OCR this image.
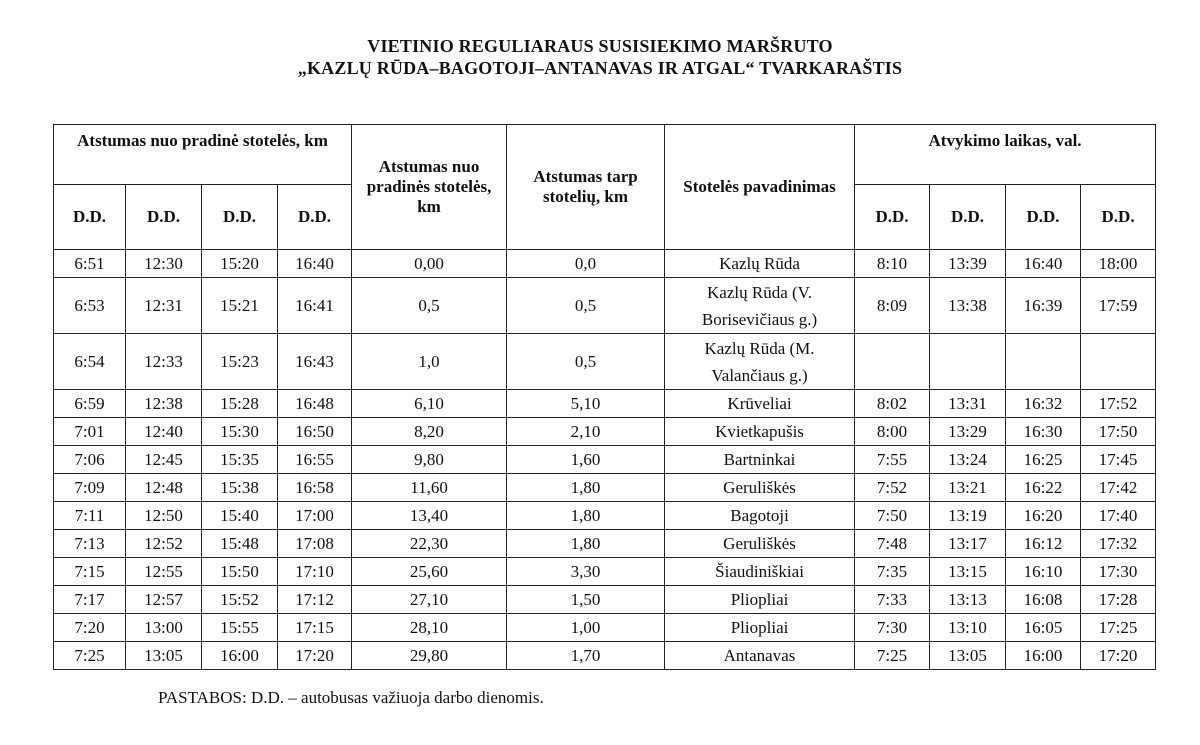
VIETINIO REGULIARAUS SUSISIEKIMO MARŠRUTO
„KAZLŲ RŪDA–BAGOTOJI–ANTANAVAS IR ATGAL“ TVARKARAŠTIS
Atstumas nuo pradinė stotelės, km				Atstumas nuo pradinės stotelės, km	Atstumas tarp stotelių, km	Stotelės pavadinimas	Atvykimo laikas, val.			
D.D.	D.D.	D.D.	D.D.				D.D.	D.D.	D.D.	D.D.
6:51	12:30	15:20	16:40	0,00	0,0	Kazlų Rūda	8:10	13:39	16:40	18:00
6:53	12:31	15:21	16:41	0,5	0,5	Kazlų Rūda (V. Borisevičiaus g.)	8:09	13:38	16:39	17:59
6:54	12:33	15:23	16:43	1,0	0,5	Kazlų Rūda (M. Valančiaus g.)				
6:59	12:38	15:28	16:48	6,10	5,10	Krūveliai	8:02	13:31	16:32	17:52
7:01	12:40	15:30	16:50	8,20	2,10	Kvietkapušis	8:00	13:29	16:30	17:50
7:06	12:45	15:35	16:55	9,80	1,60	Bartninkai	7:55	13:24	16:25	17:45
7:09	12:48	15:38	16:58	11,60	1,80	Geruliškės	7:52	13:21	16:22	17:42
7:11	12:50	15:40	17:00	13,40	1,80	Bagotoji	7:50	13:19	16:20	17:40
7:13	12:52	15:48	17:08	22,30	1,80	Geruliškės	7:48	13:17	16:12	17:32
7:15	12:55	15:50	17:10	25,60	3,30	Šiaudiniškiai	7:35	13:15	16:10	17:30
7:17	12:57	15:52	17:12	27,10	1,50	Pliopliai	7:33	13:13	16:08	17:28
7:20	13:00	15:55	17:15	28,10	1,00	Pliopliai	7:30	13:10	16:05	17:25
7:25	13:05	16:00	17:20	29,80	1,70	Antanavas	7:25	13:05	16:00	17:20
PASTABOS: D.D. – autobusas važiuoja darbo dienomis.
